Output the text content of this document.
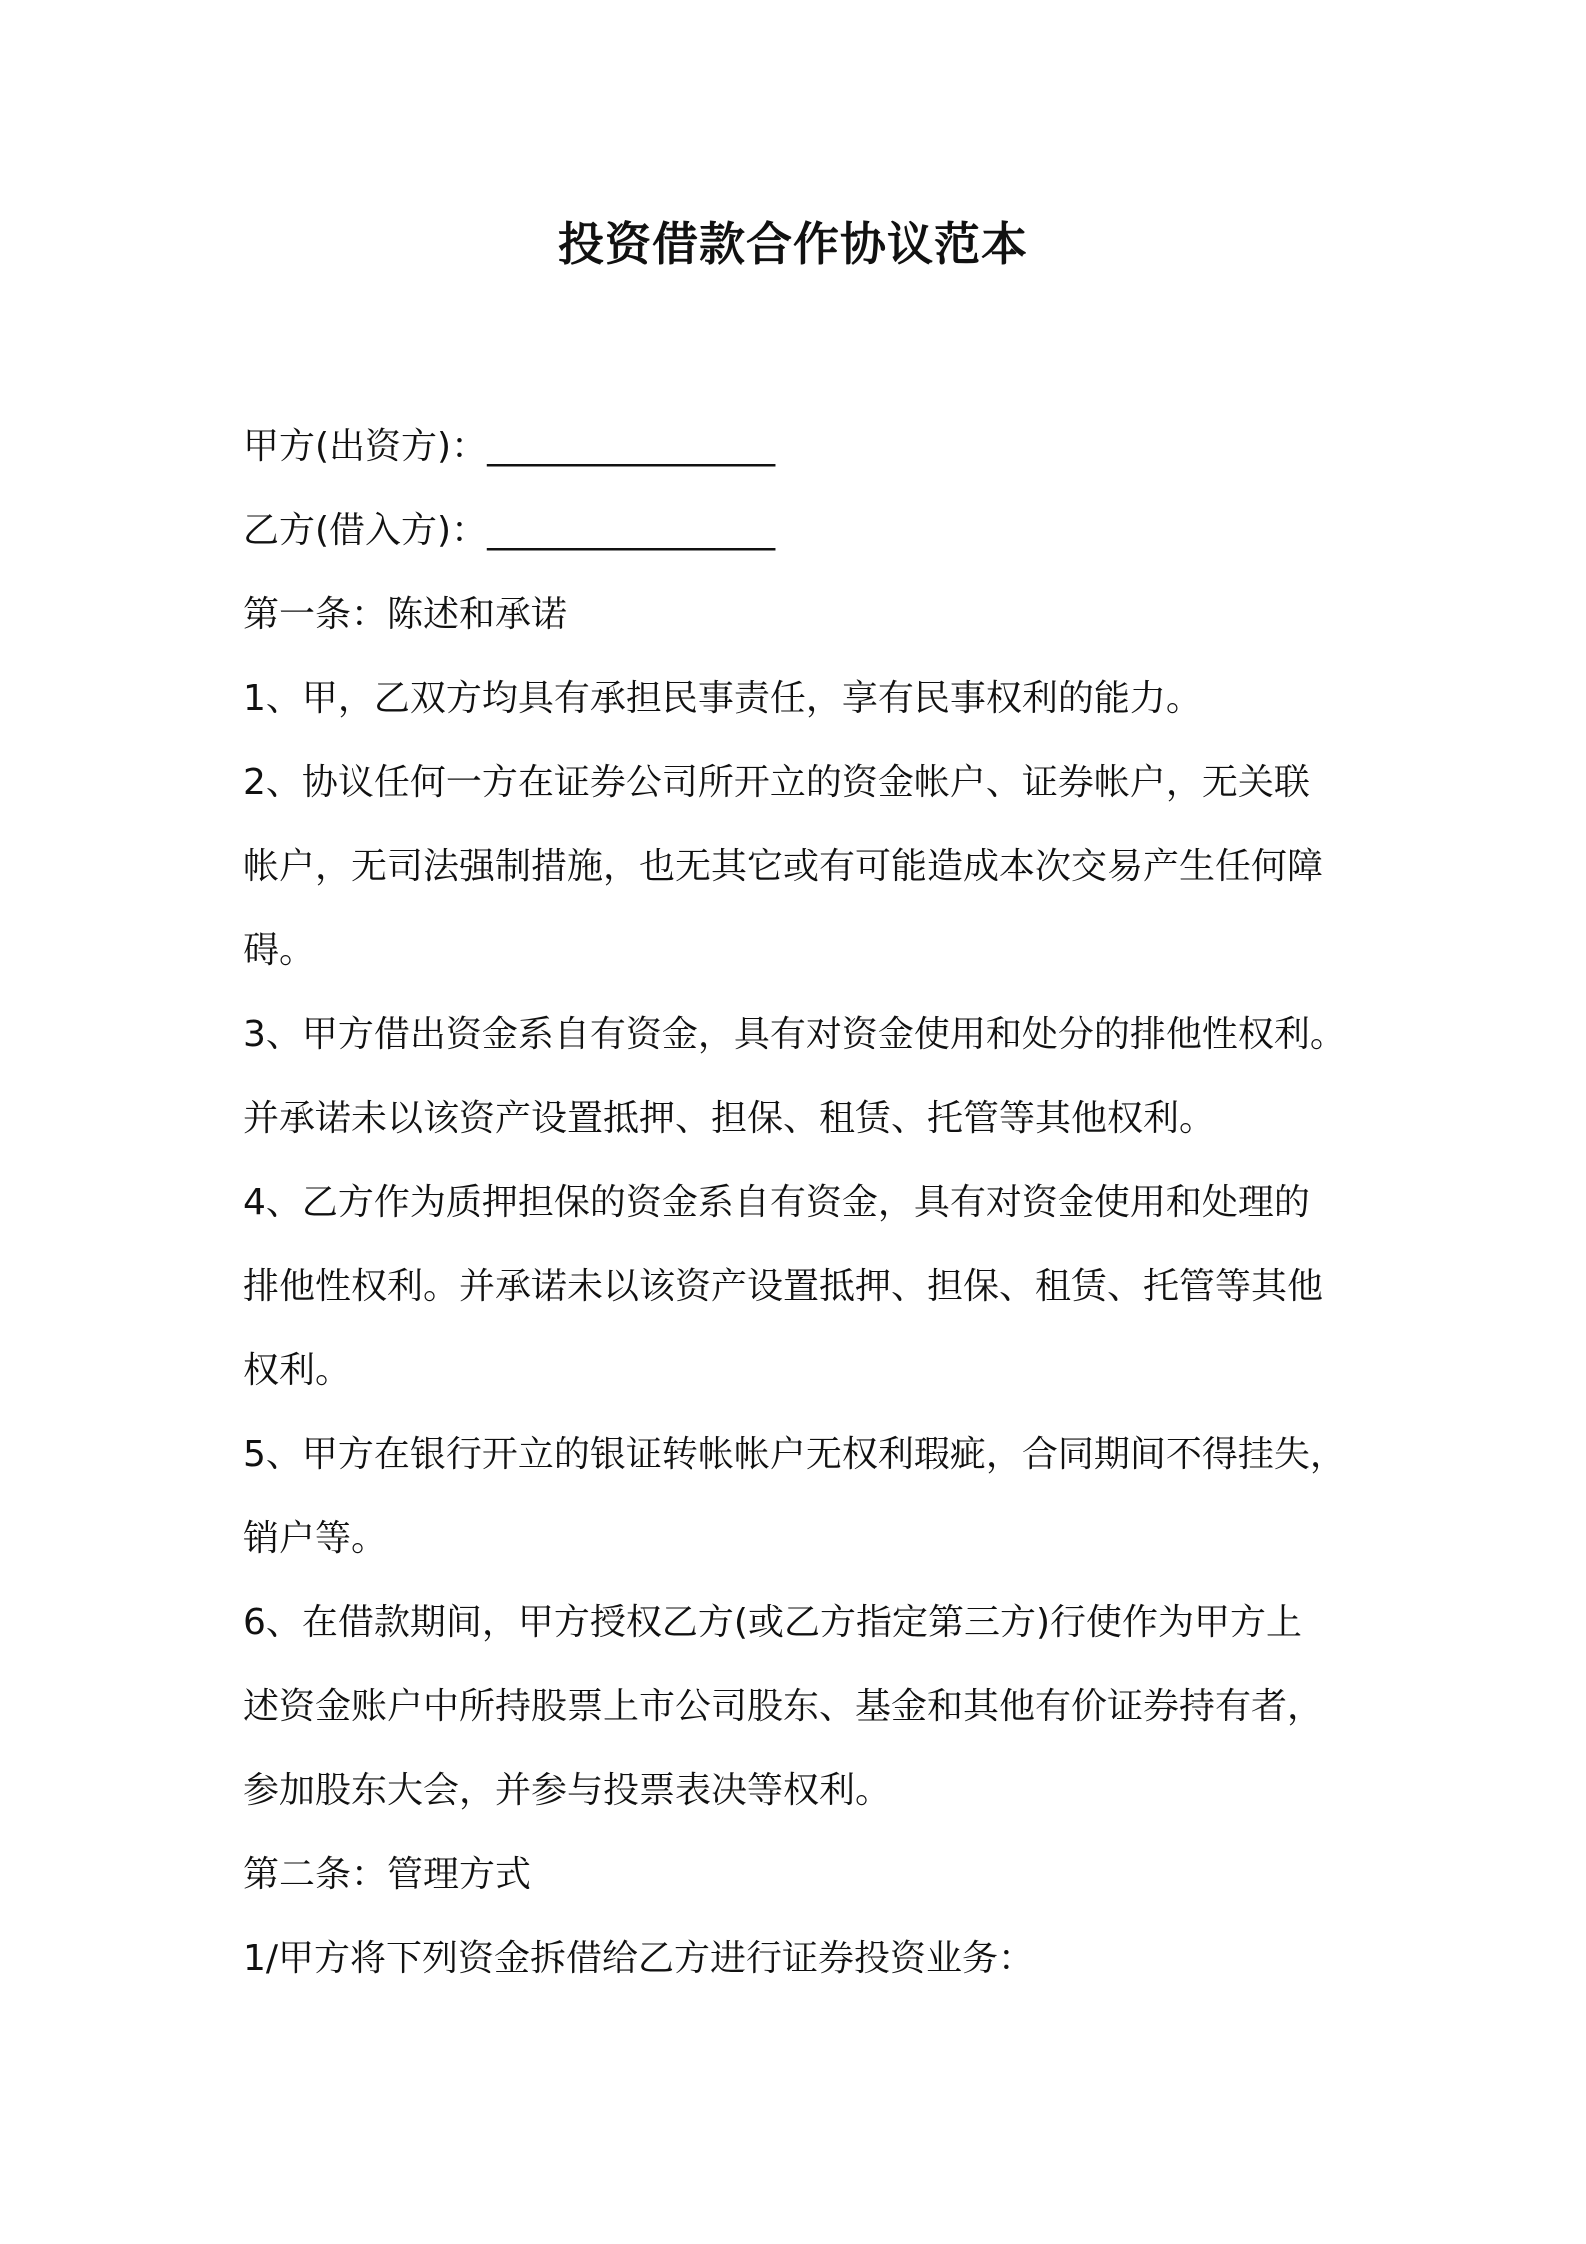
投资借款合作协议范本

甲方(出资方)：________________

乙方(借入方)：________________

第一条：陈述和承诺

1、甲，乙双方均具有承担民事责任，享有民事权利的能力。

2、协议任何一方在证券公司所开立的资金帐户、证券帐户，无关联

帐户，无司法强制措施，也无其它或有可能造成本次交易产生任何障

碍。

3、甲方借出资金系自有资金，具有对资金使用和处分的排他性权利。

并承诺未以该资产设置抵押、担保、租赁、托管等其他权利。

4、乙方作为质押担保的资金系自有资金，具有对资金使用和处理的

排他性权利。并承诺未以该资产设置抵押、担保、租赁、托管等其他

权利。

5、甲方在银行开立的银证转帐帐户无权利瑕疵，合同期间不得挂失，

销户等。

6、在借款期间，甲方授权乙方(或乙方指定第三方)行使作为甲方上

述资金账户中所持股票上市公司股东、基金和其他有价证券持有者，

参加股东大会，并参与投票表决等权利。

第二条：管理方式

1/甲方将下列资金拆借给乙方进行证券投资业务：
